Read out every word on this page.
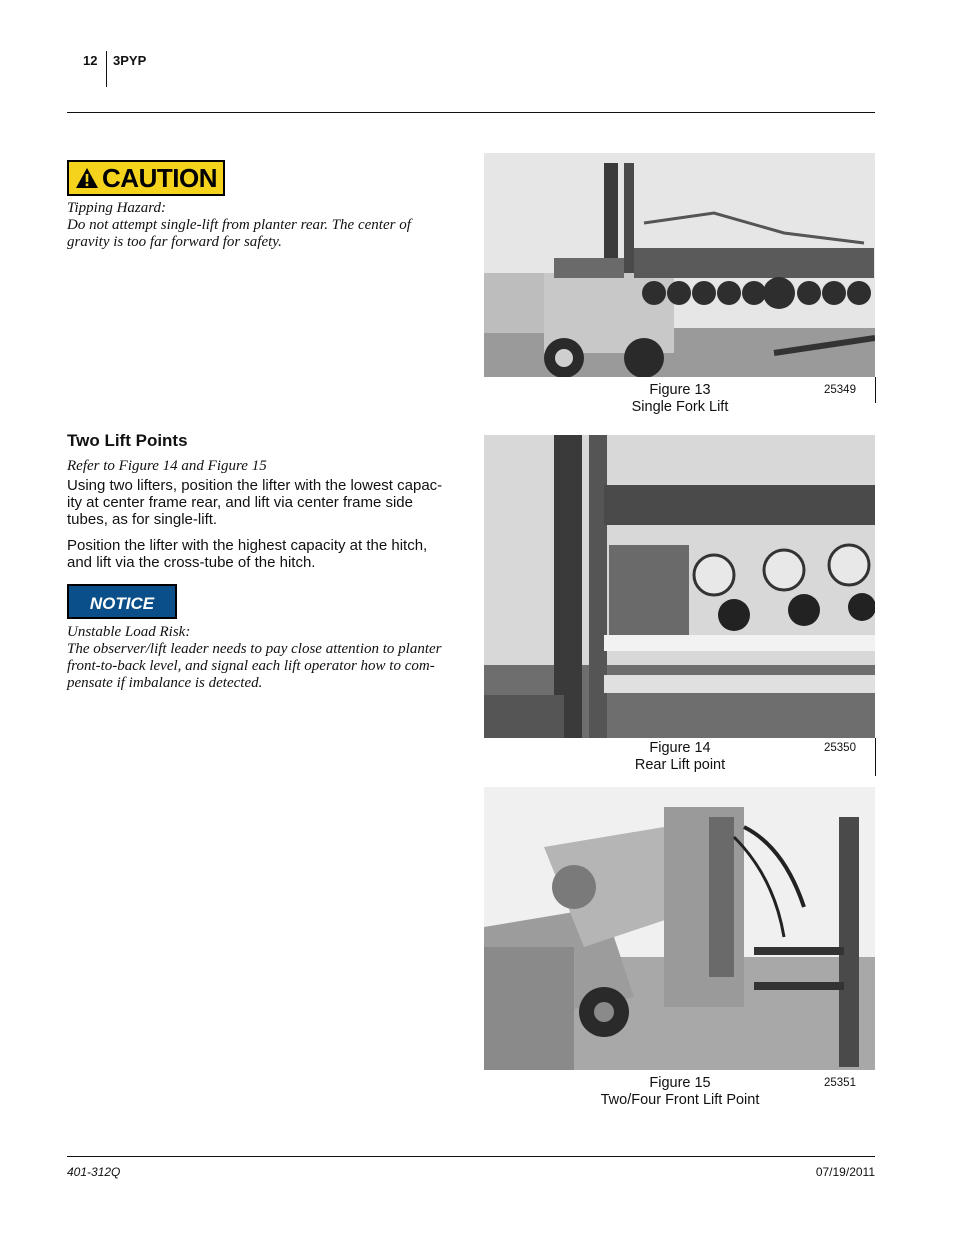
12 3PYP
CAUTION
Tipping Hazard:
Do not attempt single-lift from planter rear. The center of
gravity is too far forward for safety.
Two Lift Points
Refer to Figure 14 and Figure 15
Using two lifters, position the lifter with the lowest capac-
ity at center frame rear, and lift via center frame side
tubes, as for single-lift.
Position the lifter with the highest capacity at the hitch,
and lift via the cross-tube of the hitch.
notice
Unstable Load Risk:
The observer/lift leader needs to pay close attention to planter
front-to-back level, and signal each lift operator how to com-
pensate if imbalance is detected.
Figure 13
Single Fork Lift
25349
Figure 14
Rear Lift point
25350
Figure 15
Two/Four Front Lift Point
25351
401-312Q	07/19/2011
